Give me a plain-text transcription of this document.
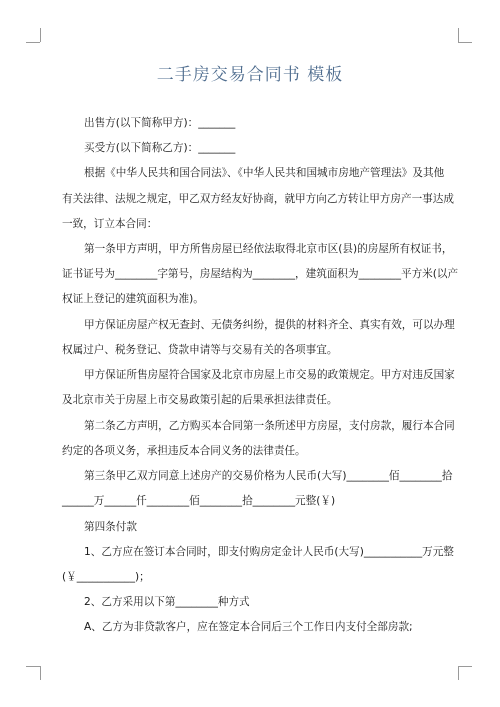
二手房交易合同书 模板
出售方(以下简称甲方)：_______
买受方(以下简称乙方)：_______
根据《中华人民共和国合同法》、《中华人民共和国城市房地产管理法》及其他
有关法律、法规之规定，甲乙双方经友好协商，就甲方向乙方转让甲方房产一事达成
一致，订立本合同：
第一条甲方声明，甲方所售房屋已经依法取得北京市区(县)的房屋所有权证书，
证书证号为________字第号，房屋结构为________，建筑面积为________平方米(以产
权证上登记的建筑面积为准)。
甲方保证房屋产权无查封、无债务纠纷，提供的材料齐全、真实有效，可以办理
权属过户、税务登记、贷款申请等与交易有关的各项事宜。
甲方保证所售房屋符合国家及北京市房屋上市交易的政策规定。甲方对违反国家
及北京市关于房屋上市交易政策引起的后果承担法律责任。
第二条乙方声明，乙方购买本合同第一条所述甲方房屋，支付房款，履行本合同
约定的各项义务，承担违反本合同义务的法律责任。
第三条甲乙双方同意上述房产的交易价格为人民币(大写)________佰________拾
______万______仟________佰________拾________元整(￥)
第四条付款
1、乙方应在签订本合同时，即支付购房定金计人民币(大写)___________万元整
(￥___________)；
2、乙方采用以下第________种方式
A、乙方为非贷款客户，应在签定本合同后三个工作日内支付全部房款;
